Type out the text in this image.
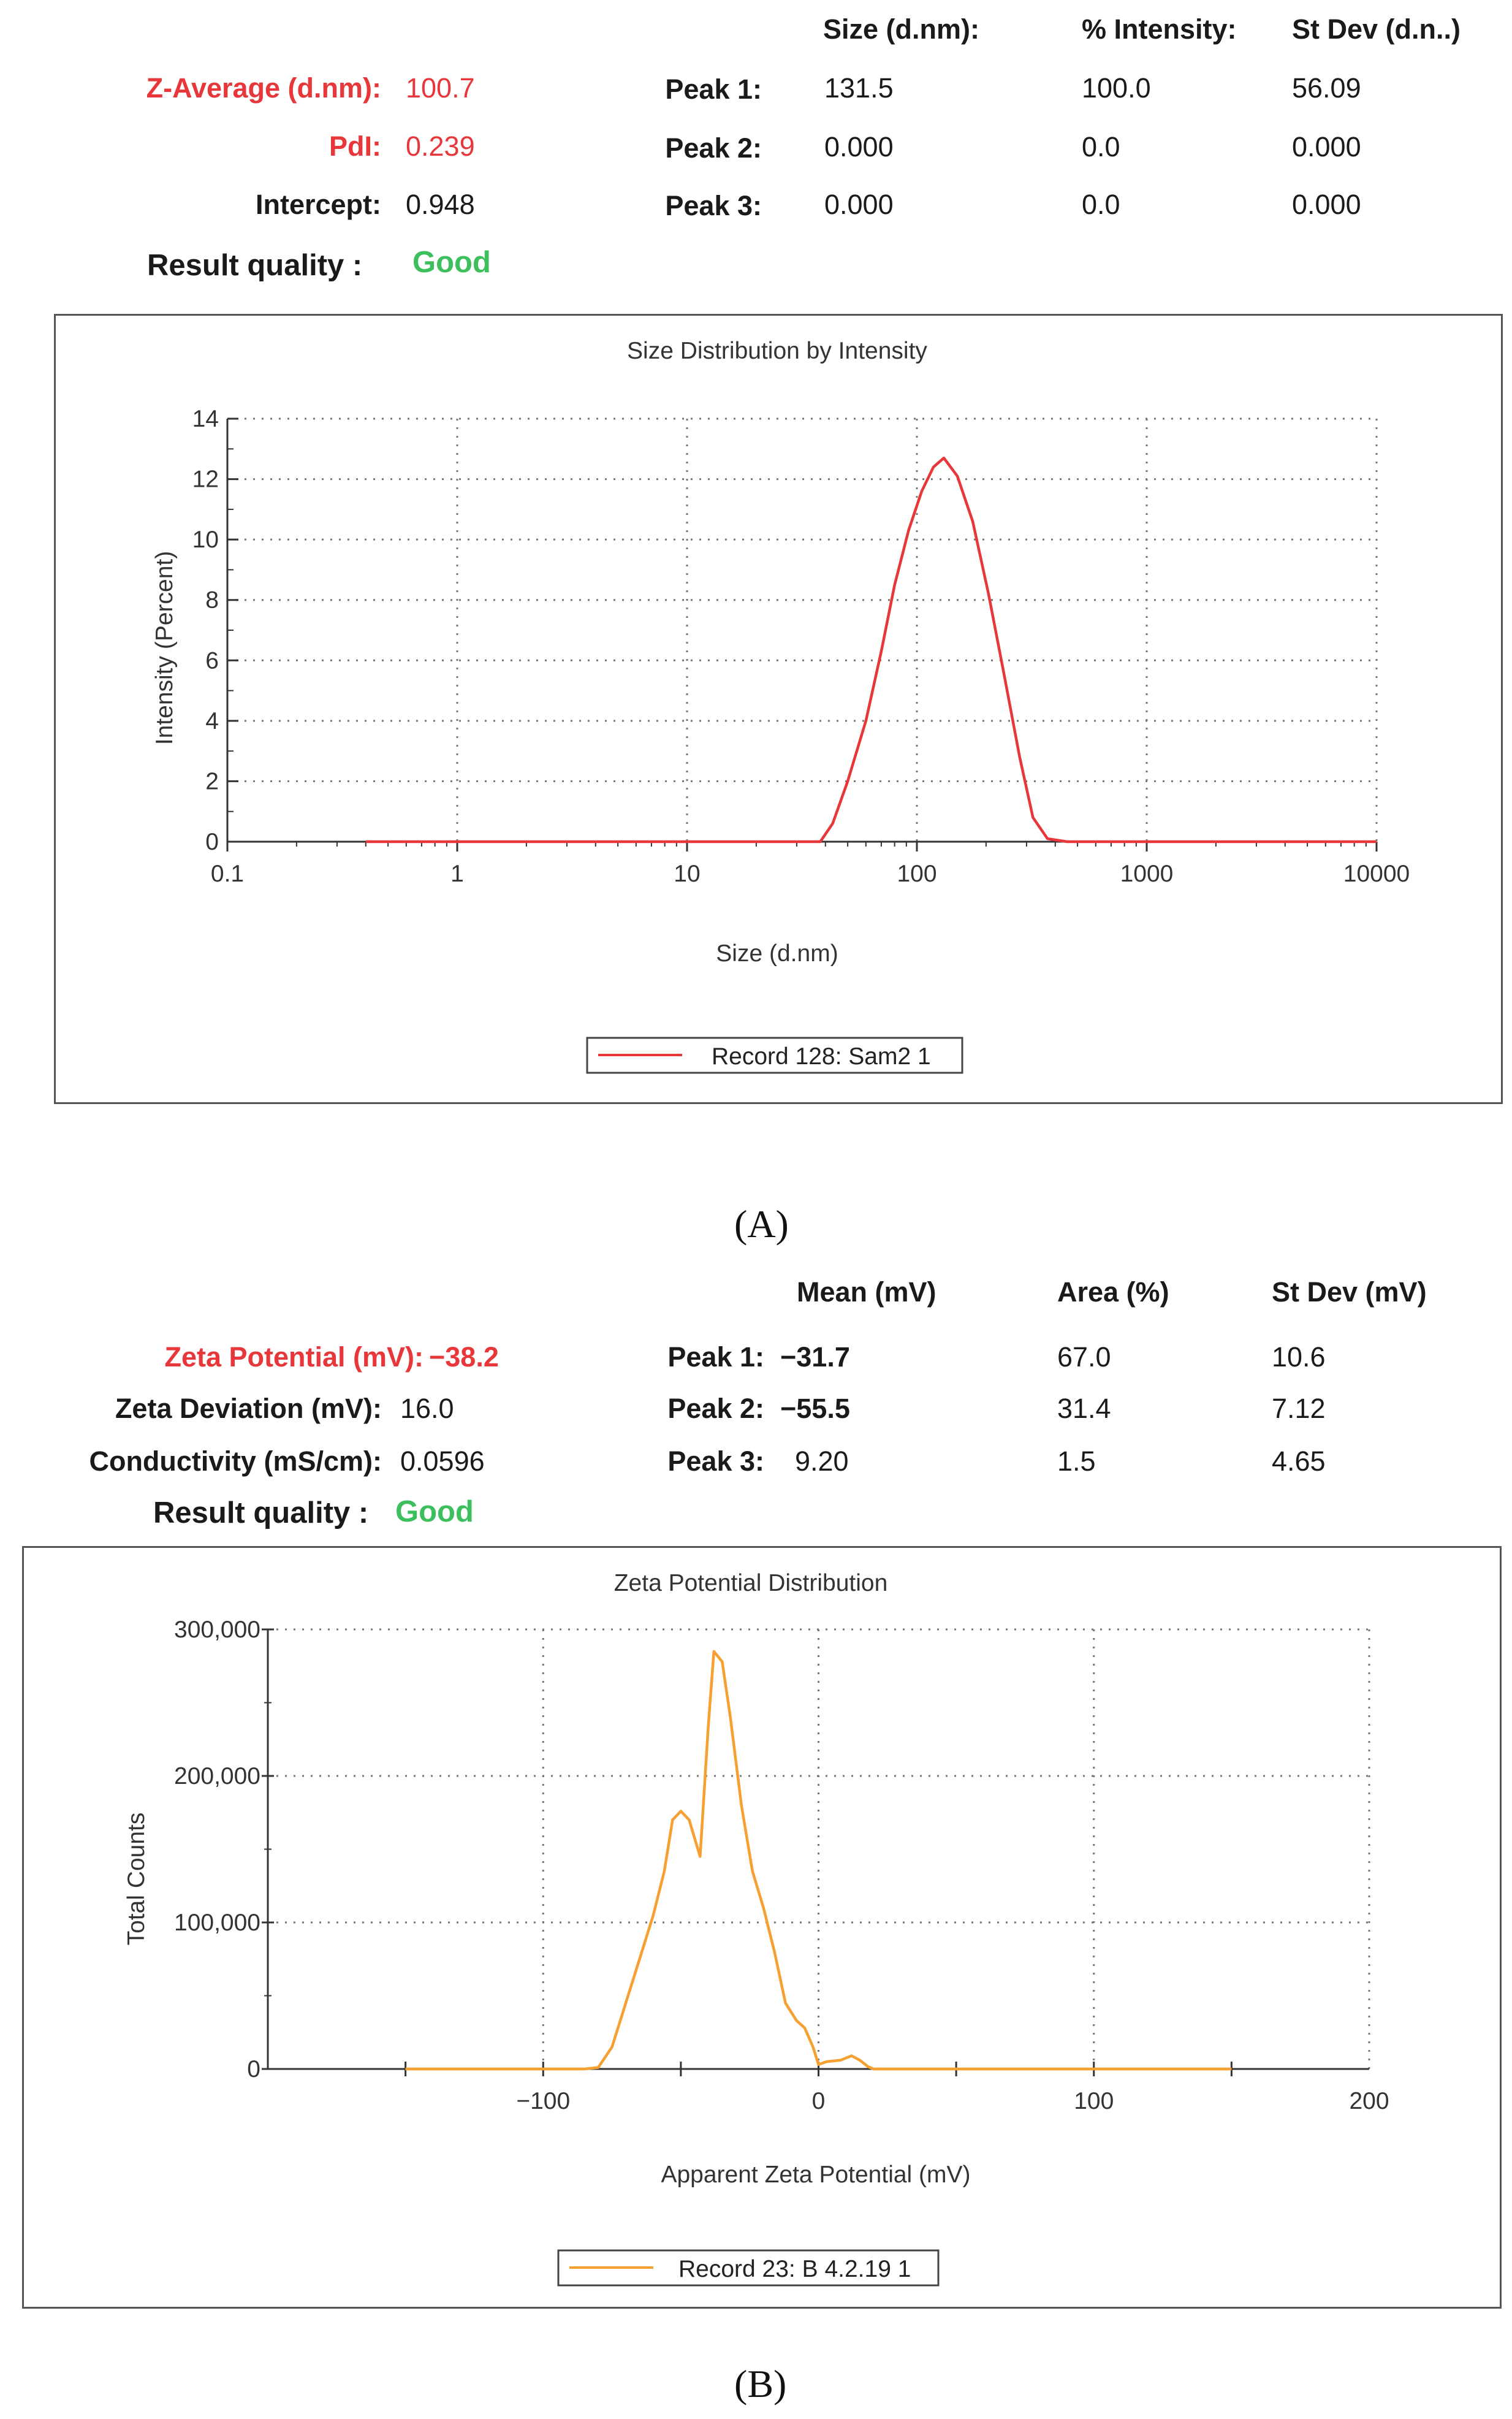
Size (d.nm):	% Intensity: St Dev (d.n..)
Z-Average (d.nm): 100.7
PdI: 0.239
Intercept: 0.948
Result quality : Good
Peak 1: 131.5	100.0	56.09
Peak 2: 0.000	0.0	0.000
Peak 3: 0.000	0.0	0.000
Size Distribution by Intensity
0.1	1	10	100	1000	10000
0
2
4
6
8
10
12
14
Size (d.nm)
Intensity (Percent)
Record 128: Sam2 1
(A)
Mean (mV)	Area (%)	St Dev (mV)
Zeta Potential (mV): −38.2
Zeta Deviation (mV): 16.0
Conductivity (mS/cm): 0.0596
Result quality : Good
Peak 1: −31.7	67.0	10.6
Peak 2: −55.5	31.4	7.12
Peak 3: 9.20	1.5	4.65
Zeta Potential Distribution
−100	0	100	200
0
100,000
200,000
300,000
Apparent Zeta Potential (mV)
Total Counts
Record 23: B 4.2.19 1
(B)
